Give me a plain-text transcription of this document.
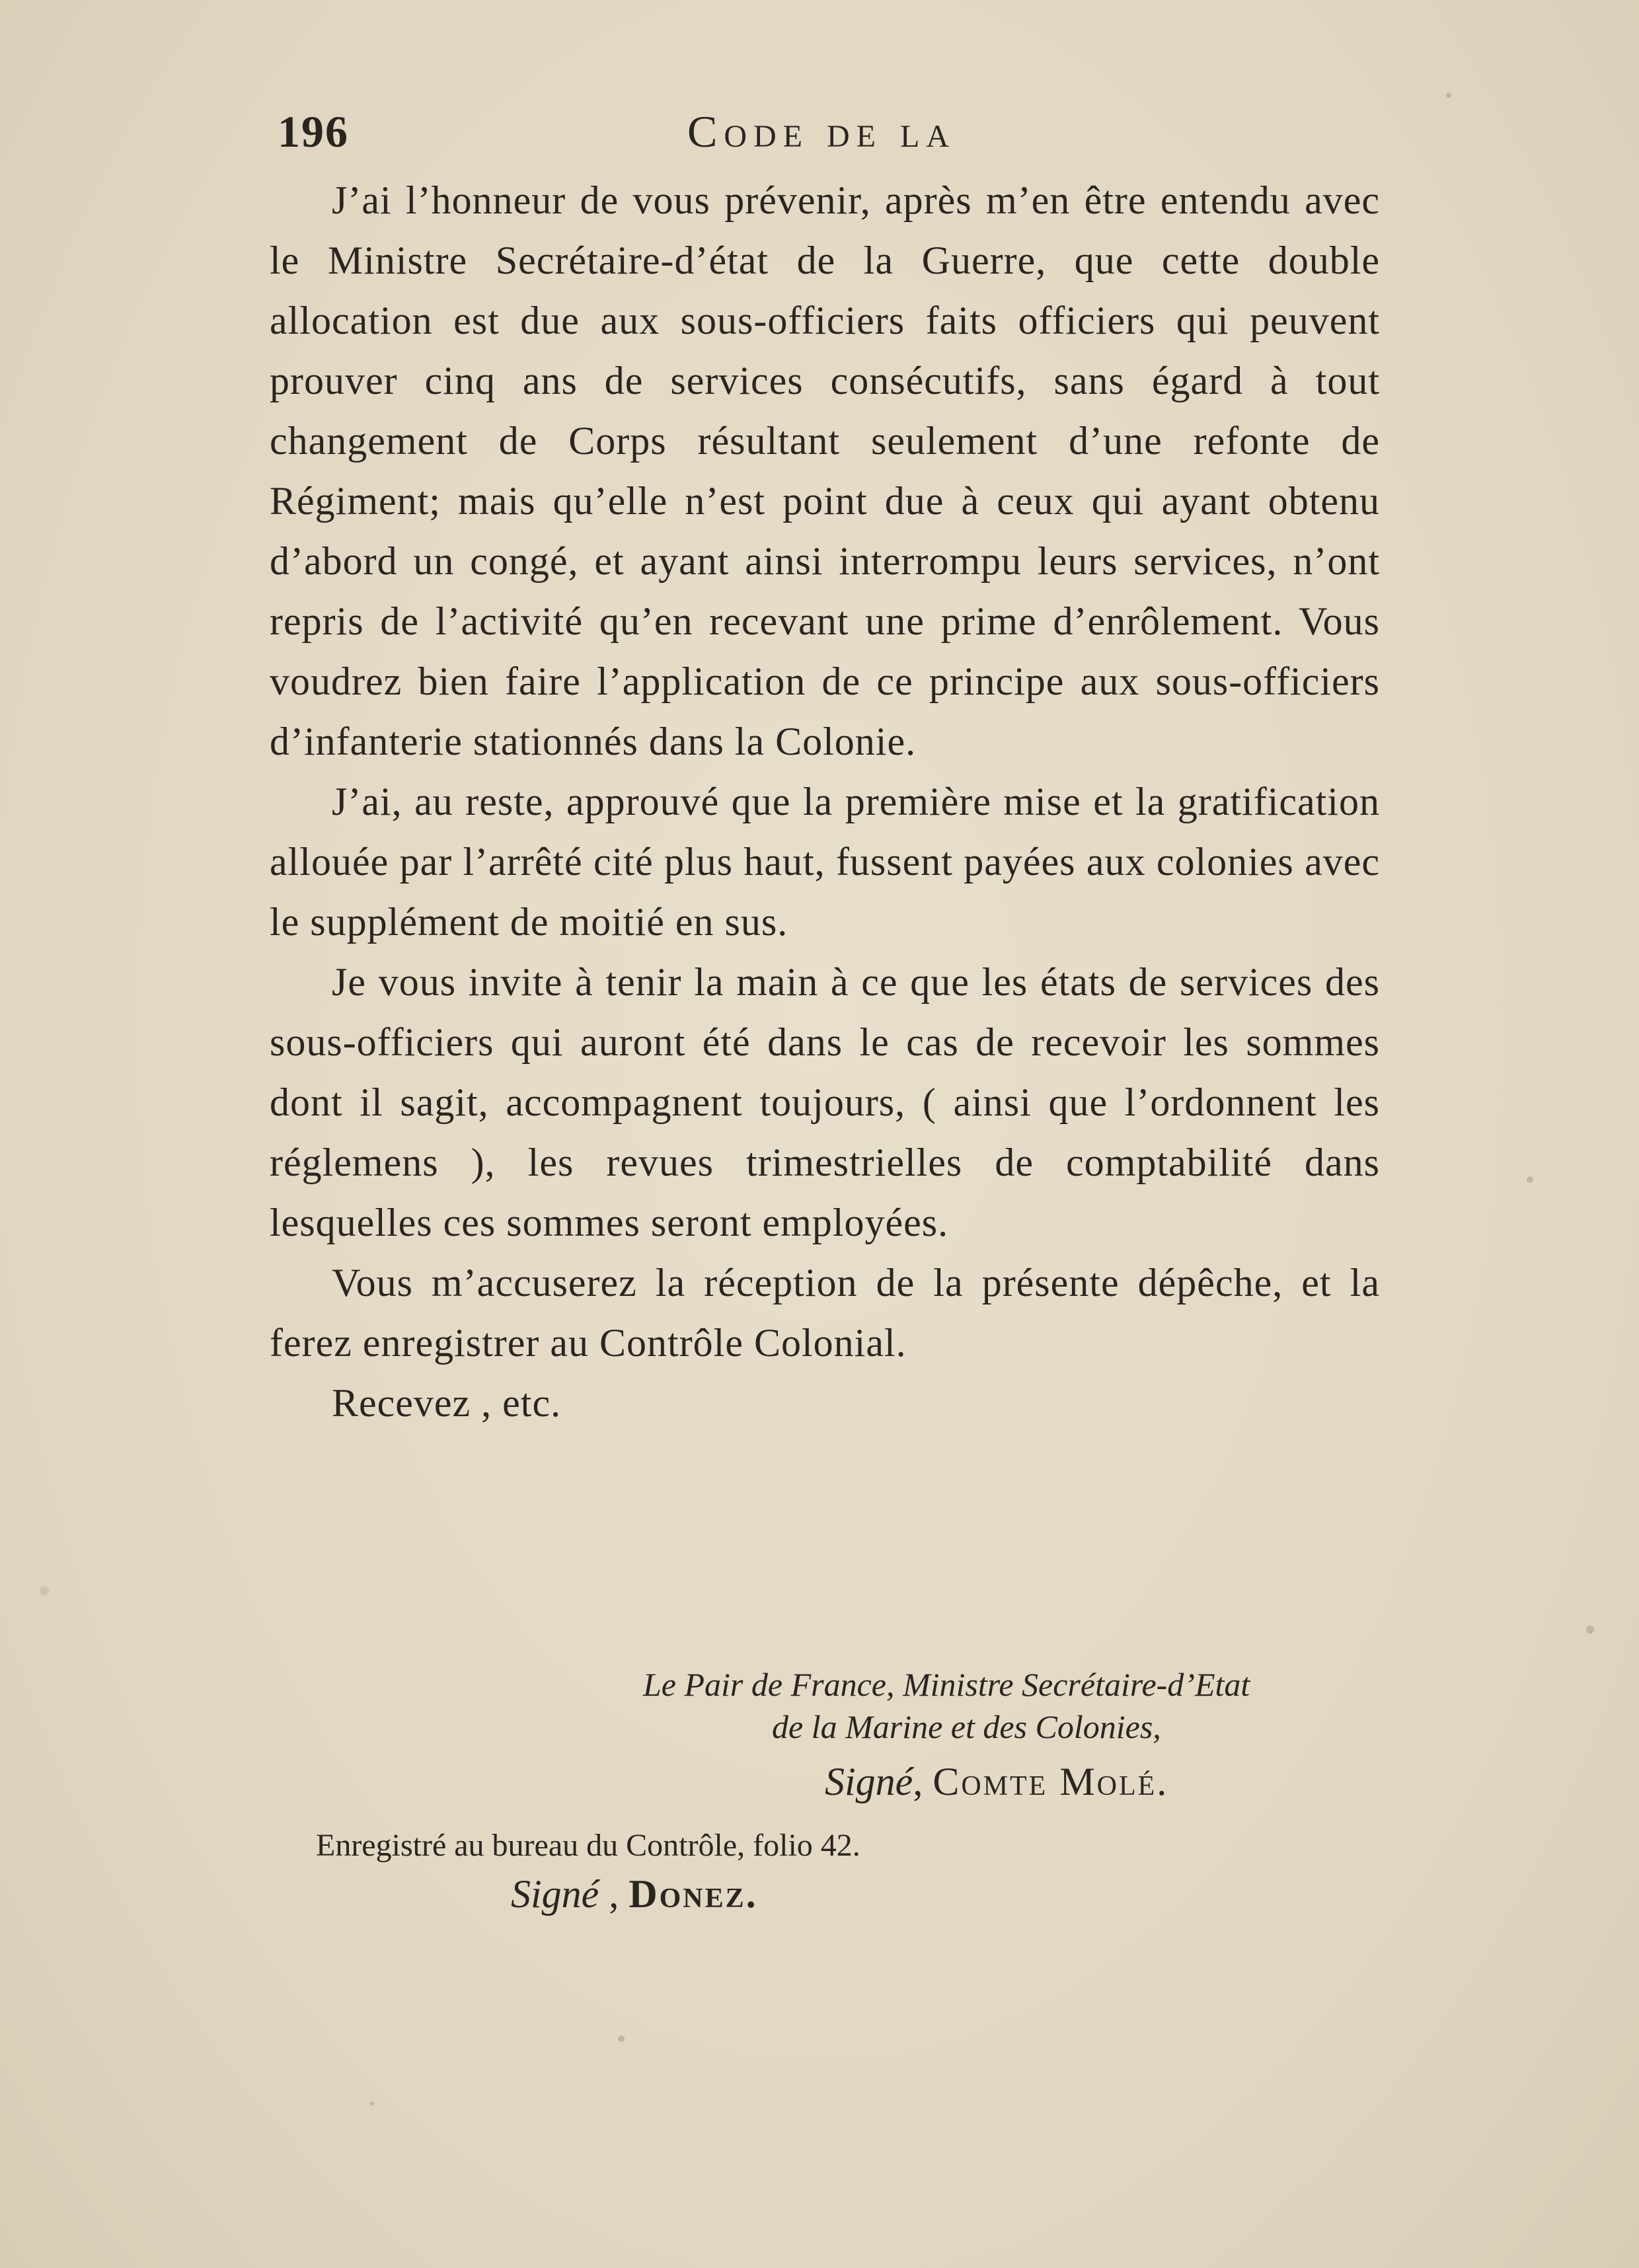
196	Code de la

J’ai l’honneur de vous prévenir, après m’en être entendu avec le Ministre Secrétaire-d’état de la Guerre, que cette double allocation est due aux sous-officiers faits officiers qui peuvent prouver cinq ans de services consécutifs, sans égard à tout changement de Corps résultant seulement d’une refonte de Régiment; mais qu’elle n’est point due à ceux qui ayant obtenu d’abord un congé, et ayant ainsi interrompu leurs services, n’ont repris de l’activité qu’en recevant une prime d’enrôlement. Vous voudrez bien faire l’application de ce principe aux sous-officiers d’infanterie stationnés dans la Colonie.

J’ai, au reste, approuvé que la première mise et la gratification allouée par l’arrêté cité plus haut, fussent payées aux colonies avec le supplément de moitié en sus.

Je vous invite à tenir la main à ce que les états de services des sous-officiers qui auront été dans le cas de recevoir les sommes dont il sagit, accompagnent toujours, ( ainsi que l’ordonnent les réglemens ), les revues trimestrielles de comptabilité dans lesquelles ces sommes seront employées.

Vous m’accuserez la réception de la présente dépêche, et la ferez enregistrer au Contrôle Colonial.

Recevez , etc.

Le Pair de France, Ministre Secrétaire-d’Etat
de la Marine et des Colonies,
Signé, Comte Molé.
Enregistré au bureau du Contrôle, folio 42.
Signé , Donez.
